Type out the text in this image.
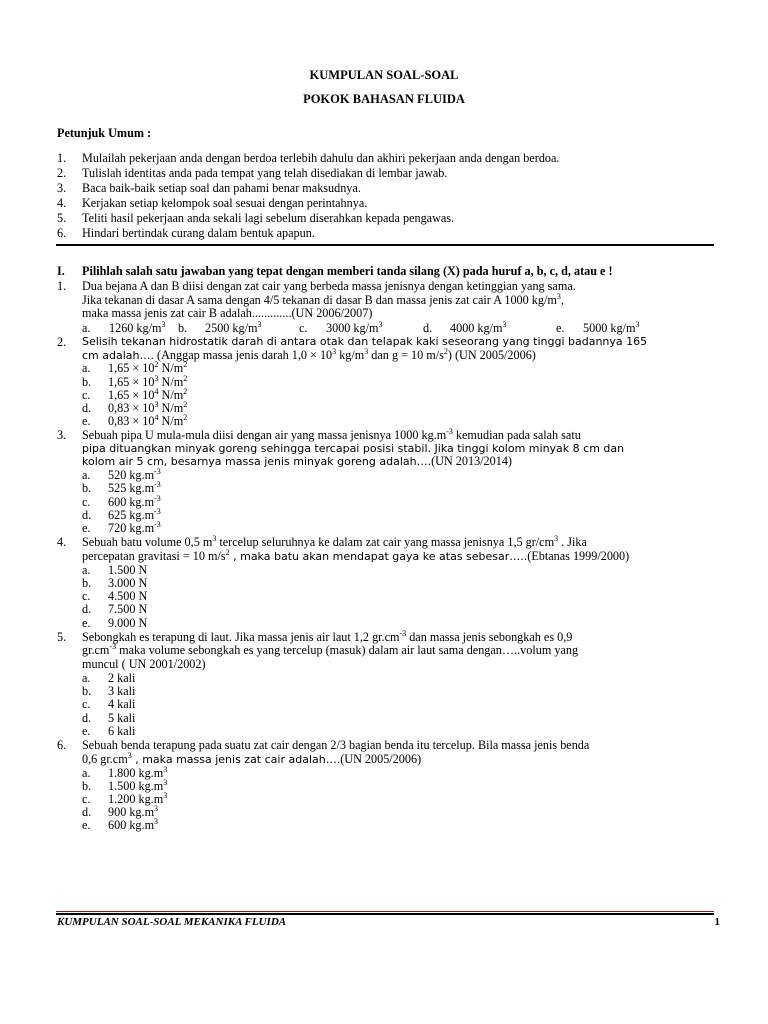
KUMPULAN SOAL-SOAL
POKOK BAHASAN FLUIDA
Petunjuk Umum :
1.	Mulailah pekerjaan anda dengan berdoa terlebih dahulu dan akhiri pekerjaan anda dengan berdoa.
2.	Tulislah identitas anda pada tempat yang telah disediakan di lembar jawab.
3.	Baca baik-baik setiap soal dan pahami benar maksudnya.
4.	Kerjakan setiap kelompok soal sesuai dengan perintahnya.
5.	Teliti hasil pekerjaan anda sekali lagi sebelum diserahkan kepada pengawas.
6.	Hindari bertindak curang dalam bentuk apapun.
I.	Pilihlah salah satu jawaban yang tepat dengan memberi tanda silang (X) pada huruf a, b, c, d, atau e !
1.	Dua bejana A dan B diisi dengan zat cair yang berbeda massa jenisnya dengan ketinggian yang sama.
Jika tekanan di dasar A sama dengan 4/5 tekanan di dasar B dan massa jenis zat cair A 1000 $kg/m^3$,
maka massa jenis zat cair B adalah.............(UN 2006/2007)
a.	1260 $kg/m^3$ b.	2500 $kg/m^3$	c.	3000 $kg/m^3$	d.	4000 $kg/m^3$	e.	5000 $kg/m^3$
2.	Selisih tekanan hidrostatik darah di antara otak dan telapak kaki seseorang yang tinggi badannya 165
cm adalah…. (Anggap massa jenis darah $1,0 \times 10^3$ $kg/m^3$ dan g = 10 $m/s^2$) (UN 2005/2006)
a.	$1,65 \times 10^2$ $N/m^2$
b.	$1,65 \times 10^3$ $N/m^2$
c.	$1,65 \times 10^4$ $N/m^2$
d.	$0,83 \times 10^3$ $N/m^2$
e.	$0,83 \times 10^4$ $N/m^2$
3.	Sebuah pipa U mula-mula diisi dengan air yang massa jenisnya 1000 $kg.m^{-3}$ kemudian pada salah satu
pipa dituangkan minyak goreng sehingga tercapai posisi stabil. Jika tinggi kolom minyak 8 cm dan
kolom air 5 cm, besarnya massa jenis minyak goreng adalah….(UN 2013/2014)
a.	520 $kg.m^{-3}$
b.	525 $kg.m^{-3}$
c.	600 $kg.m^{-3}$
d.	625 $kg.m^{-3}$
e.	720 $kg.m^{-3}$
4.	Sebuah batu volume 0,5 $m^3$ tercelup seluruhnya ke dalam zat cair yang massa jenisnya 1,5 $gr/cm^3$ . Jika
percepatan gravitasi = 10 $m/s^2$ , maka batu akan mendapat gaya ke atas sebesar…..(Ebtanas 1999/2000)
a.	1.500 N
b.	3.000 N
c.	4.500 N
d.	7.500 N
e.	9.000 N
5.	Sebongkah es terapung di laut. Jika massa jenis air laut 1,2 $gr.cm^{-3}$ dan massa jenis sebongkah es 0,9
$gr.cm^{-3}$ maka volume sebongkah es yang tercelup (masuk) dalam air laut sama dengan…..volum yang
muncul ( UN 2001/2002)
a.	2 kali
b.	3 kali
c.	4 kali
d.	5 kali
e.	6 kali
6.	Sebuah benda terapung pada suatu zat cair dengan 2/3 bagian benda itu tercelup. Bila massa jenis benda
0,6 $gr.cm^3$ , maka massa jenis zat cair adalah….(UN 2005/2006)
a.	1.800 $kg.m^3$
b.	1.500 $kg.m^3$
c.	1.200 $kg.m^3$
d.	900 $kg.m^3$
e.	600 $kg.m^3$
KUMPULAN SOAL-SOAL MEKANIKA FLUIDA	1
